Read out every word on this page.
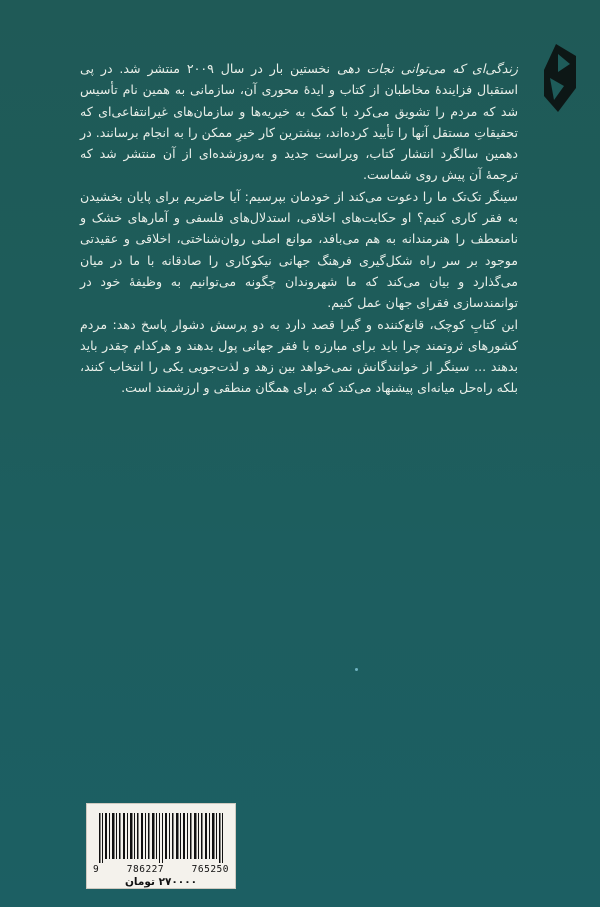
زندگی‌ای که می‌توانی نجات دهی نخستین بار در سال ۲۰۰۹ منتشر شد. در پی استقبال فزایندهٔ مخاطبان از کتاب و ایدهٔ محوری آن، سازمانی به همین نام تأسیس شد که مردم را تشویق می‌کرد با کمک به خیریه‌ها و سازمان‌های غیرانتفاعی‌ای که تحقیقاتِ مستقل آنها را تأیید کرده‌اند، بیشترین کار خیرِ ممکن را به انجام برسانند. در دهمین سالگرد انتشار کتاب، ویراست جدید و به‌روزشده‌ای از آن منتشر شد که ترجمهٔ آن پیش روی شماست.

سینگر تک‌تک ما را دعوت می‌کند از خودمان بپرسیم: آیا حاضریم برای پایان بخشیدن به فقر کاری کنیم؟ او حکایت‌های اخلاقی، استدلال‌های فلسفی و آمارهای خشک و نامنعطف را هنرمندانه به هم می‌بافد، موانع اصلی روان‌شناختی، اخلاقی و عقیدتی موجود بر سر راه شکل‌گیری فرهنگ جهانی نیکوکاری را صادقانه با ما در میان می‌گذارد و بیان می‌کند که ما شهروندان چگونه می‌توانیم به وظیفهٔ خود در توانمندسازی فقرای جهان عمل کنیم.

این کتابِ کوچک، قانع‌کننده و گیرا قصد دارد به دو پرسش دشوار پاسخ دهد: مردم کشورهای ثروتمند چرا باید برای مبارزه با فقر جهانی پول بدهند و هرکدام چقدر باید بدهند ... سینگر از خوانندگانش نمی‌خواهد بین زهد و لذت‌جویی یکی را انتخاب کنند، بلکه راه‌حل میانه‌ای پیشنهاد می‌کند که برای همگان منطقی و ارزشمند است.

9	786227	765250
۲۷۰۰۰۰ تومان
